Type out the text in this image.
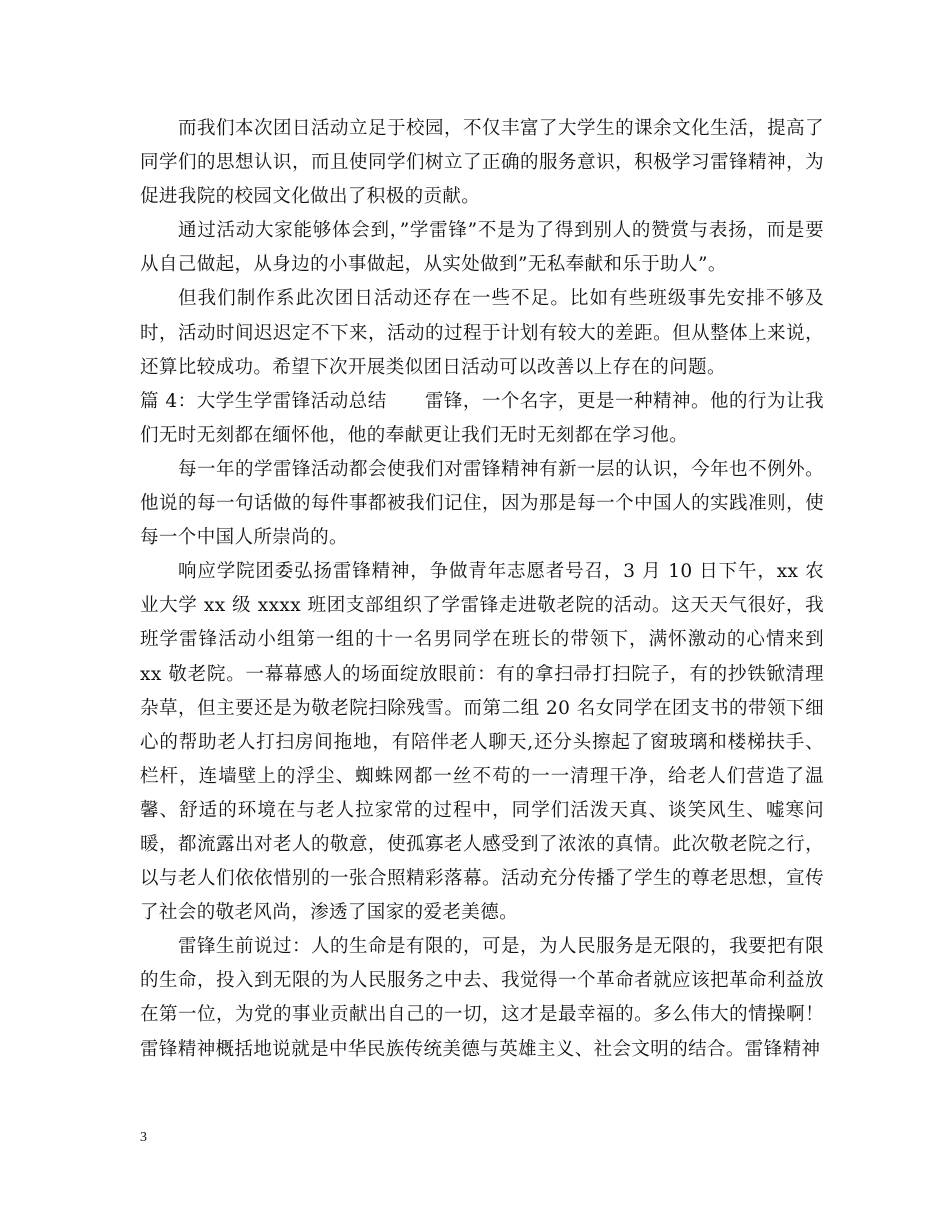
而我们本次团日活动立足于校园，不仅丰富了大学生的课余文化生活，提高了同学们的思想认识，而且使同学们树立了正确的服务意识，积极学习雷锋精神，为促进我院的校园文化做出了积极的贡献。

通过活动大家能够体会到，”学雷锋”不是为了得到别人的赞赏与表扬，而是要从自己做起，从身边的小事做起，从实处做到”无私奉献和乐于助人”。

但我们制作系此次团日活动还存在一些不足。比如有些班级事先安排不够及时，活动时间迟迟定不下来，活动的过程于计划有较大的差距。但从整体上来说，还算比较成功。希望下次开展类似团日活动可以改善以上存在的问题。

篇 4：大学生学雷锋活动总结　　雷锋，一个名字，更是一种精神。他的行为让我们无时无刻都在缅怀他，他的奉献更让我们无时无刻都在学习他。

每一年的学雷锋活动都会使我们对雷锋精神有新一层的认识，今年也不例外。他说的每一句话做的每件事都被我们记住，因为那是每一个中国人的实践准则，使每一个中国人所崇尚的。

响应学院团委弘扬雷锋精神，争做青年志愿者号召，3 月 10 日下午，xx 农业大学 xx 级 xxxx 班团支部组织了学雷锋走进敬老院的活动。这天天气很好，我班学雷锋活动小组第一组的十一名男同学在班长的带领下，满怀激动的心情来到 xx 敬老院。一幕幕感人的场面绽放眼前：有的拿扫帚打扫院子，有的抄铁锨清理杂草，但主要还是为敬老院扫除残雪。而第二组 20 名女同学在团支书的带领下细心的帮助老人打扫房间拖地，有陪伴老人聊天,还分头擦起了窗玻璃和楼梯扶手、栏杆，连墙壁上的浮尘、蜘蛛网都一丝不苟的一一清理干净，给老人们营造了温馨、舒适的环境在与老人拉家常的过程中，同学们活泼天真、谈笑风生、嘘寒问暖，都流露出对老人的敬意，使孤寡老人感受到了浓浓的真情。此次敬老院之行，以与老人们依依惜别的一张合照精彩落幕。活动充分传播了学生的尊老思想，宣传了社会的敬老风尚，渗透了国家的爱老美德。

雷锋生前说过：人的生命是有限的，可是，为人民服务是无限的，我要把有限的生命，投入到无限的为人民服务之中去、我觉得一个革命者就应该把革命利益放在第一位，为党的事业贡献出自己的一切，这才是最幸福的。多么伟大的情操啊！雷锋精神概括地说就是中华民族传统美德与英雄主义、社会文明的结合。雷锋精神

3
